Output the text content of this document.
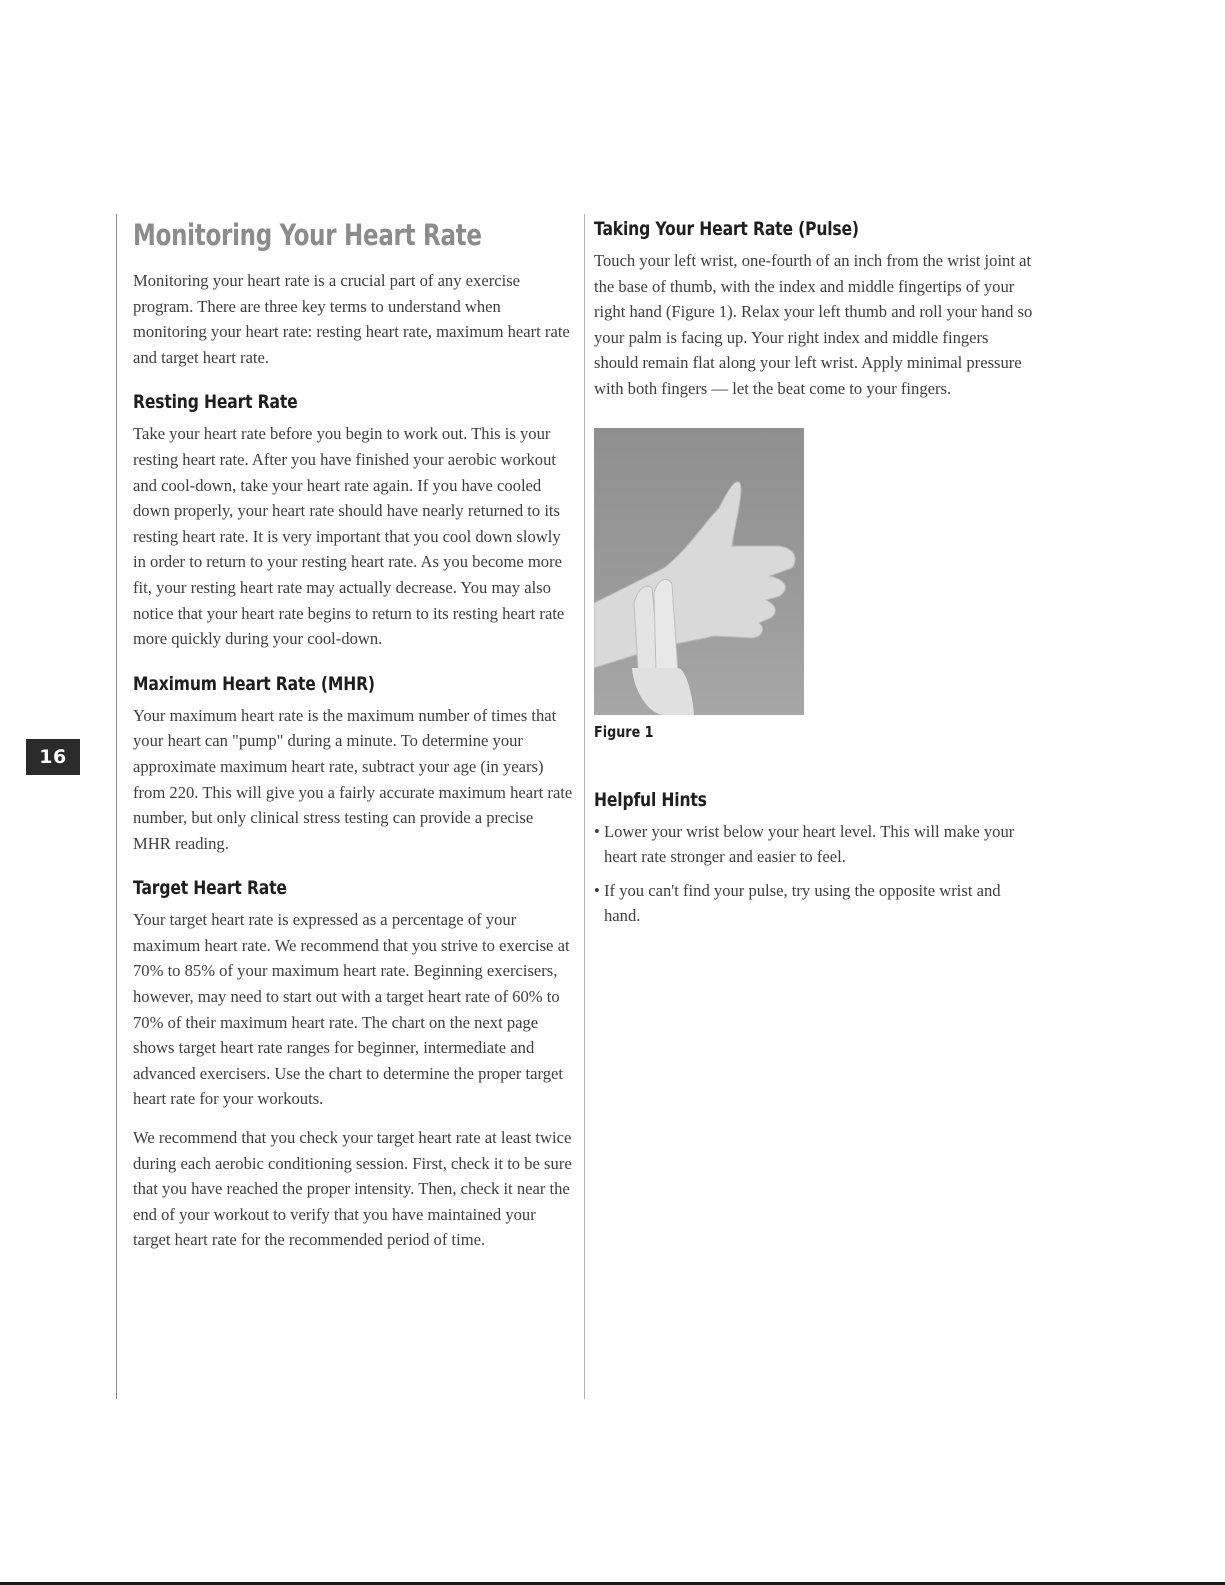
16
Monitoring Your Heart Rate

Monitoring your heart rate is a crucial part of any exercise program. There are three key terms to understand when monitoring your heart rate: resting heart rate, maximum heart rate and target heart rate.

Resting Heart Rate

Take your heart rate before you begin to work out. This is your resting heart rate. After you have finished your aerobic workout and cool-down, take your heart rate again. If you have cooled down properly, your heart rate should have nearly returned to its resting heart rate. It is very important that you cool down slowly in order to return to your resting heart rate. As you become more fit, your resting heart rate may actually decrease. You may also notice that your heart rate begins to return to its resting heart rate more quickly during your cool-down.

Maximum Heart Rate (MHR)

Your maximum heart rate is the maximum number of times that your heart can "pump" during a minute. To determine your approximate maximum heart rate, subtract your age (in years) from 220. This will give you a fairly accurate maximum heart rate number, but only clinical stress testing can provide a precise MHR reading.

Target Heart Rate

Your target heart rate is expressed as a percentage of your maximum heart rate. We recommend that you strive to exercise at 70% to 85% of your maximum heart rate. Beginning exercisers, however, may need to start out with a target heart rate of 60% to 70% of their maximum heart rate. The chart on the next page shows target heart rate ranges for beginner, intermediate and advanced exercisers. Use the chart to determine the proper target heart rate for your workouts.

We recommend that you check your target heart rate at least twice during each aerobic conditioning session. First, check it to be sure that you have reached the proper intensity. Then, check it near the end of your workout to verify that you have maintained your target heart rate for the recommended period of time.

Taking Your Heart Rate (Pulse)

Touch your left wrist, one-fourth of an inch from the wrist joint at the base of thumb, with the index and middle fingertips of your right hand (Figure 1). Relax your left thumb and roll your hand so your palm is facing up. Your right index and middle fingers should remain flat along your left wrist. Apply minimal pressure with both fingers — let the beat come to your fingers.

Figure 1
Helpful Hints
• Lower your wrist below your heart level. This will make your heart rate stronger and easier to feel.
• If you can't find your pulse, try using the opposite wrist and hand.
